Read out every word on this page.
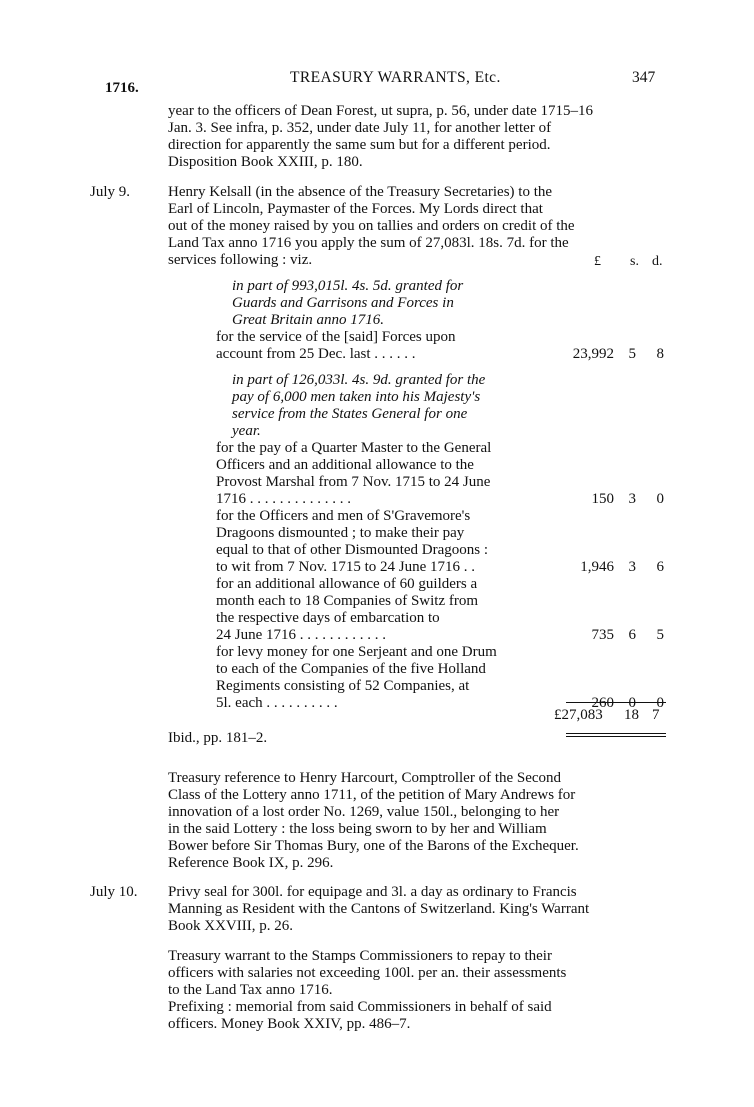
1716.
TREASURY WARRANTS, Etc.	347
year to the officers of Dean Forest, ut supra, p. 56, under date 1715–16
Jan. 3. See infra, p. 352, under date July 11, for another letter of
direction for apparently the same sum but for a different period.
Disposition Book XXIII, p. 180.
July 9.	Henry Kelsall (in the absence of the Treasury Secretaries) to the
Earl of Lincoln, Paymaster of the Forces. My Lords direct that
out of the money raised by you on tallies and orders on credit of the
Land Tax anno 1716 you apply the sum of 27,083l. 18s. 7d. for the
services following : viz.	£ s. d.
in part of 993,015l. 4s. 5d. granted for
Guards and Garrisons and Forces in
Great Britain anno 1716.
for the service of the [said] Forces upon
account from 25 Dec. last . . . . . .	23,992 5 8
in part of 126,033l. 4s. 9d. granted for the
pay of 6,000 men taken into his Majesty's
service from the States General for one
year.
for the pay of a Quarter Master to the General
Officers and an additional allowance to the
Provost Marshal from 7 Nov. 1715 to 24 June
1716 . . . . . . . . . . . . . .	150 3 0
for the Officers and men of S'Gravemore's
Dragoons dismounted ; to make their pay
equal to that of other Dismounted Dragoons :
to wit from 7 Nov. 1715 to 24 June 1716 . .	1,946 3 6
for an additional allowance of 60 guilders a
month each to 18 Companies of Switz from
the respective days of embarcation to
24 June 1716 . . . . . . . . . . . .	735 6 5
for levy money for one Serjeant and one Drum
to each of the Companies of the five Holland
Regiments consisting of 52 Companies, at
5l. each . . . . . . . . . .	260 0 0
£27,083 18 7
Ibid., pp. 181–2.
Treasury reference to Henry Harcourt, Comptroller of the Second
Class of the Lottery anno 1711, of the petition of Mary Andrews for
innovation of a lost order No. 1269, value 150l., belonging to her
in the said Lottery : the loss being sworn to by her and William
Bower before Sir Thomas Bury, one of the Barons of the Exchequer.
Reference Book IX, p. 296.
July 10. Privy seal for 300l. for equipage and 3l. a day as ordinary to Francis
Manning as Resident with the Cantons of Switzerland. King's Warrant
Book XXVIII, p. 26.
Treasury warrant to the Stamps Commissioners to repay to their
officers with salaries not exceeding 100l. per an. their assessments
to the Land Tax anno 1716.
Prefixing : memorial from said Commissioners in behalf of said
officers. Money Book XXIV, pp. 486–7.
